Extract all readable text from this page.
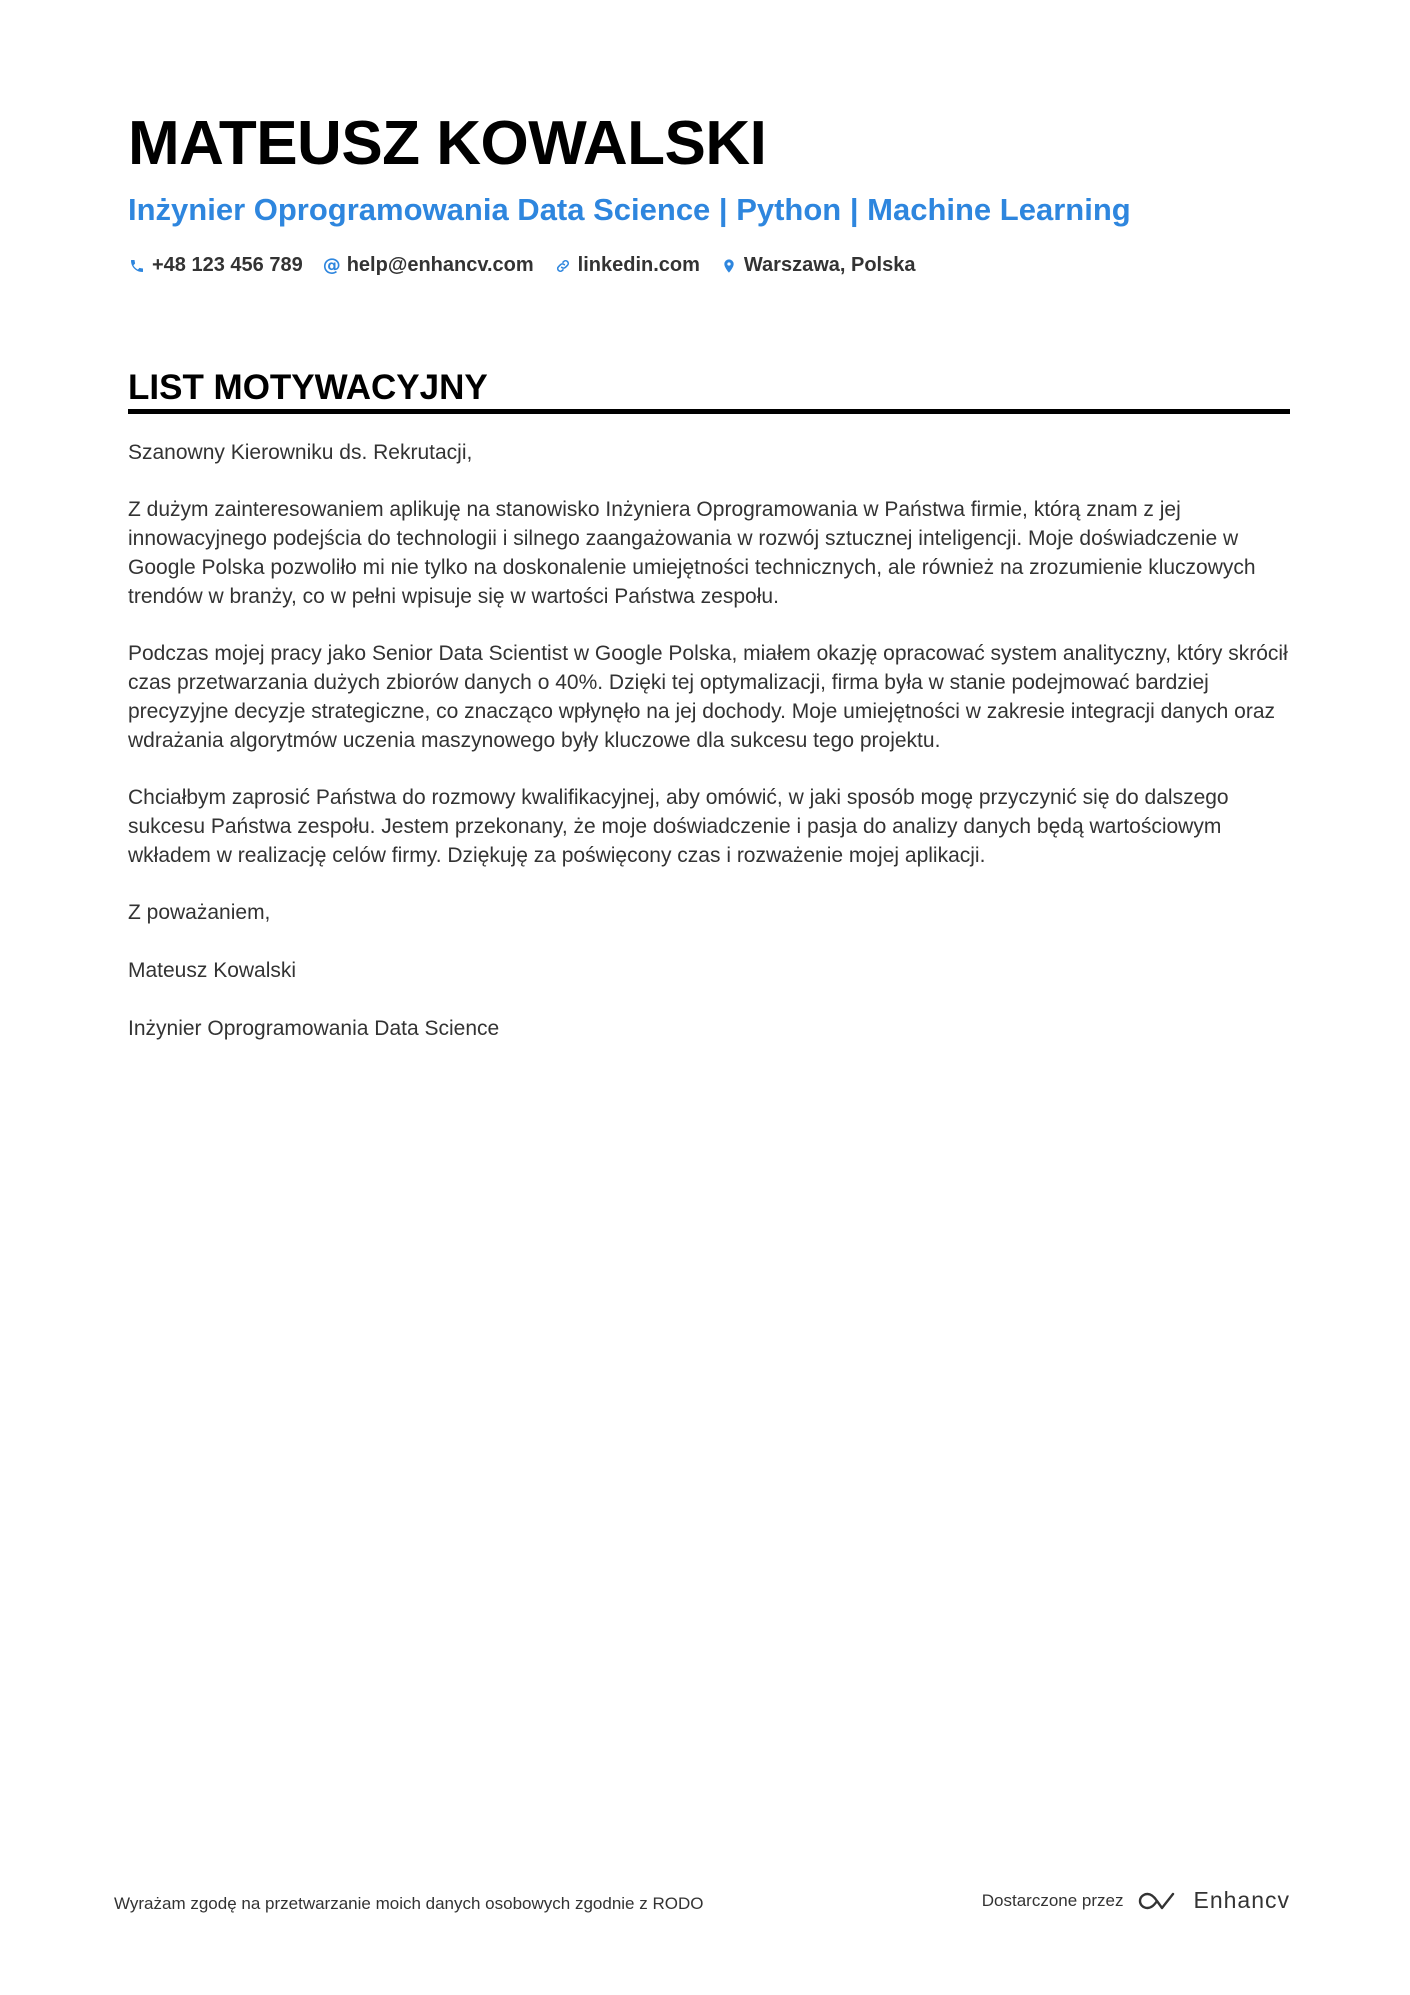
MATEUSZ KOWALSKI
Inżynier Oprogramowania Data Science | Python | Machine Learning
+48 123 456 789 @ help@enhancv.com linkedin.com Warszawa, Polska
LIST MOTYWACYJNY

Szanowny Kierowniku ds. Rekrutacji,

Z dużym zainteresowaniem aplikuję na stanowisko Inżyniera Oprogramowania w Państwa firmie, którą znam z jej innowacyjnego podejścia do technologii i silnego zaangażowania w rozwój sztucznej inteligencji. Moje doświadczenie w Google Polska pozwoliło mi nie tylko na doskonalenie umiejętności technicznych, ale również na zrozumienie kluczowych trendów w branży, co w pełni wpisuje się w wartości Państwa zespołu.

Podczas mojej pracy jako Senior Data Scientist w Google Polska, miałem okazję opracować system analityczny, który skrócił czas przetwarzania dużych zbiorów danych o 40%. Dzięki tej optymalizacji, firma była w stanie podejmować bardziej precyzyjne decyzje strategiczne, co znacząco wpłynęło na jej dochody. Moje umiejętności w zakresie integracji danych oraz wdrażania algorytmów uczenia maszynowego były kluczowe dla sukcesu tego projektu.

Chciałbym zaprosić Państwa do rozmowy kwalifikacyjnej, aby omówić, w jaki sposób mogę przyczynić się do dalszego sukcesu Państwa zespołu. Jestem przekonany, że moje doświadczenie i pasja do analizy danych będą wartościowym wkładem w realizację celów firmy. Dziękuję za poświęcony czas i rozważenie mojej aplikacji.

Z poważaniem,

Mateusz Kowalski

Inżynier Oprogramowania Data Science

Wyrażam zgodę na przetwarzanie moich danych osobowych zgodnie z RODO	Dostarczone przez	Enhancv
